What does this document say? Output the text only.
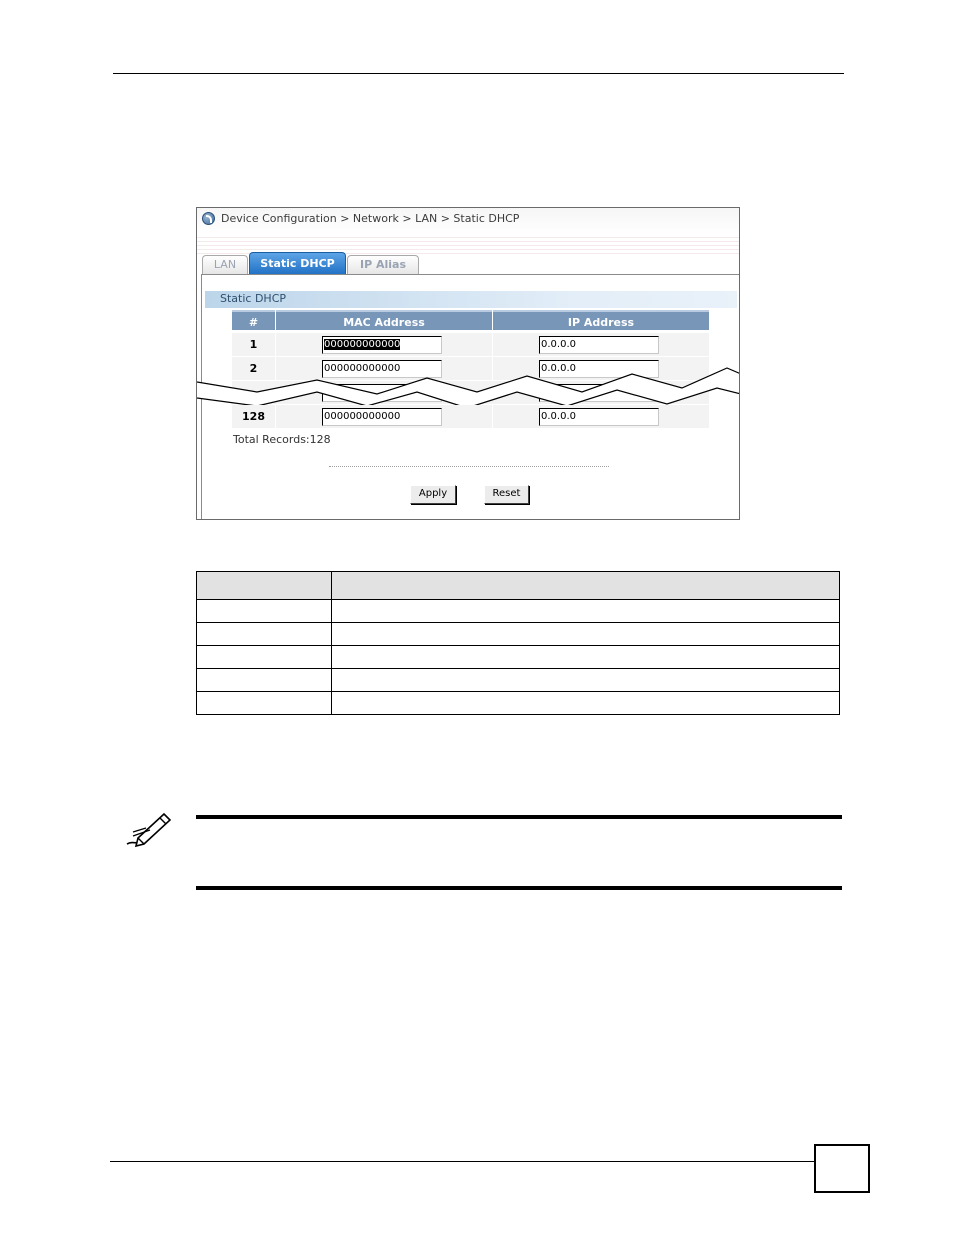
Device Configuration > Network > LAN > Static DHCP
LAN	Static DHCP	IP Alias
Static DHCP
#	MAC Address	IP Address
1	000000000000	0.0.0.0
2	000000000000	0.0.0.0
128	000000000000	0.0.0.0
Total Records:128
Apply	Reset
